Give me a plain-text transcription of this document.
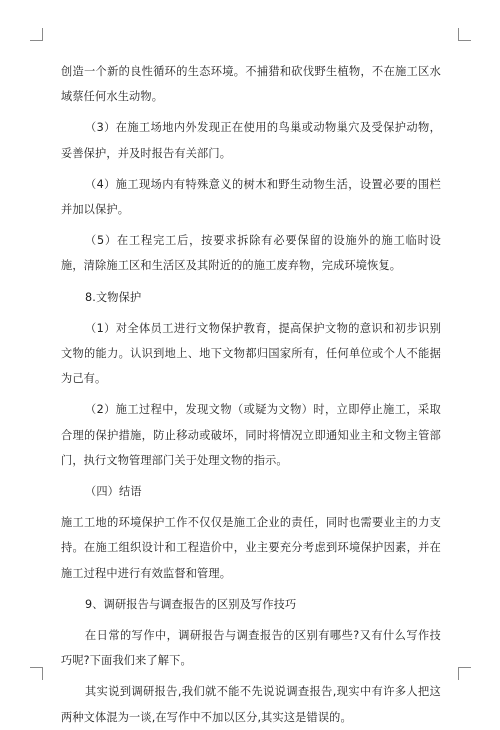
创造一个新的良性循环的生态环境。不捕猎和砍伐野生植物，不在施工区水域蔡任何水生动物。

（3）在施工场地内外发现正在使用的鸟巢或动物巢穴及受保护动物，妥善保护，并及时报告有关部门。

（4）施工现场内有特殊意义的树木和野生动物生活，设置必要的围栏并加以保护。

（5）在工程完工后，按要求拆除有必要保留的设施外的施工临时设施，清除施工区和生活区及其附近的的施工废弃物，完成环境恢复。

8.文物保护

（1）对全体员工进行文物保护教育，提高保护文物的意识和初步识别文物的能力。认识到地上、地下文物都归国家所有，任何单位或个人不能据为己有。

（2）施工过程中，发现文物（或疑为文物）时，立即停止施工，采取合理的保护措施，防止移动或破坏，同时将情况立即通知业主和文物主管部门，执行文物管理部门关于处理文物的指示。

（四）结语

施工工地的环境保护工作不仅仅是施工企业的责任，同时也需要业主的力支持。在施工组织设计和工程造价中，业主要充分考虑到环境保护因素，并在施工过程中进行有效监督和管理。

9、调研报告与调查报告的区别及写作技巧

在日常的写作中，调研报告与调查报告的区别有哪些?又有什么写作技巧呢?下面我们来了解下。

其实说到调研报告,我们就不能不先说说调查报告,现实中有许多人把这两种文体混为一谈,在写作中不加以区分,其实这是错误的。
